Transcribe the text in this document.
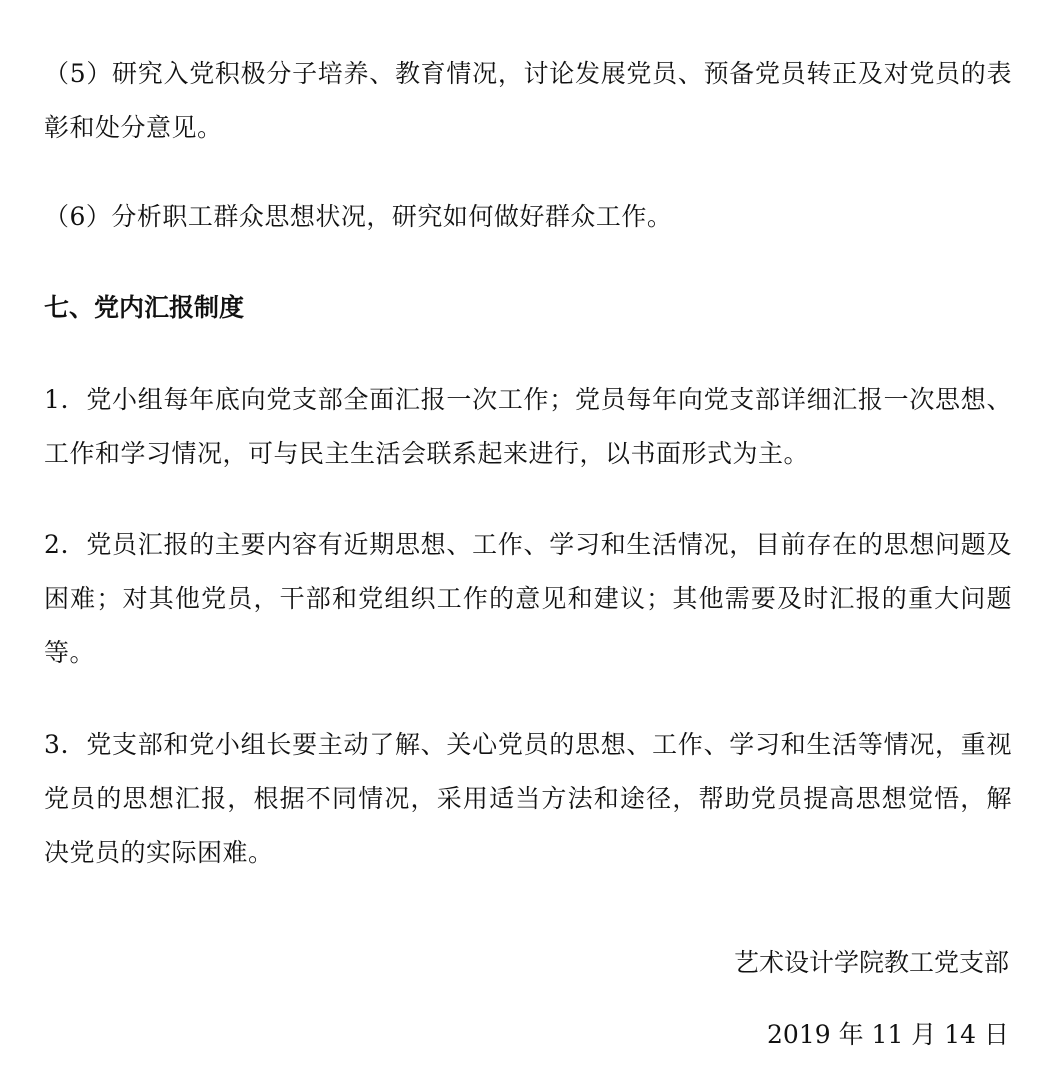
（5）研究入党积极分子培养、教育情况，讨论发展党员、预备党员转正及对党员的表彰和处分意见。

（6）分析职工群众思想状况，研究如何做好群众工作。

七、党内汇报制度

1．党小组每年底向党支部全面汇报一次工作；党员每年向党支部详细汇报一次思想、工作和学习情况，可与民主生活会联系起来进行，以书面形式为主。

2．党员汇报的主要内容有近期思想、工作、学习和生活情况，目前存在的思想问题及困难；对其他党员，干部和党组织工作的意见和建议；其他需要及时汇报的重大问题等。

3．党支部和党小组长要主动了解、关心党员的思想、工作、学习和生活等情况，重视党员的思想汇报，根据不同情况，采用适当方法和途径，帮助党员提高思想觉悟，解决党员的实际困难。

艺术设计学院教工党支部
2019 年 11 月 14 日
